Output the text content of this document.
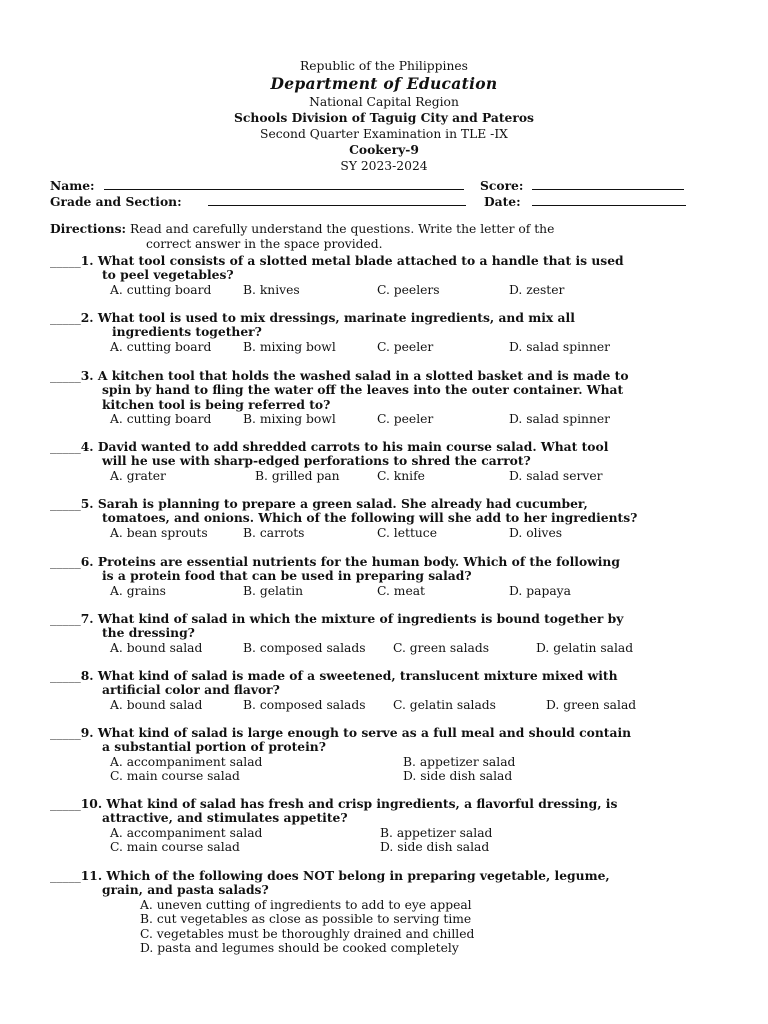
Republic of the Philippines
Department of Education
National Capital Region
Schools Division of Taguig City and Pateros
Second Quarter Examination in TLE -IX
Cookery-9
SY 2023-2024
Name:	Score:
Grade and Section:	Date:
Directions: Read and carefully understand the questions. Write the letter of the
correct answer in the space provided.
_____1. What tool consists of a slotted metal blade attached to a handle that is used
to peel vegetables?
A. cutting board	B. knives	C. peelers	D. zester
_____2. What tool is used to mix dressings, marinate ingredients, and mix all
ingredients together?
A. cutting board	B. mixing bowl	C. peeler	D. salad spinner
_____3. A kitchen tool that holds the washed salad in a slotted basket and is made to
spin by hand to fling the water off the leaves into the outer container. What
kitchen tool is being referred to?
A. cutting board	B. mixing bowl	C. peeler	D. salad spinner
_____4. David wanted to add shredded carrots to his main course salad. What tool
will he use with sharp-edged perforations to shred the carrot?
A. grater	B. grilled pan	C. knife	D. salad server
_____5. Sarah is planning to prepare a green salad. She already had cucumber,
tomatoes, and onions. Which of the following will she add to her ingredients?
A. bean sprouts	B. carrots	C. lettuce	D. olives
_____6. Proteins are essential nutrients for the human body. Which of the following
is a protein food that can be used in preparing salad?
A. grains	B. gelatin	C. meat	D. papaya
_____7. What kind of salad in which the mixture of ingredients is bound together by
the dressing?
A. bound salad	B. composed salads C. green salads	D. gelatin salad
_____8. What kind of salad is made of a sweetened, translucent mixture mixed with
artificial color and flavor?
A. bound salad	B. composed salads C. gelatin salads	D. green salad
_____9. What kind of salad is large enough to serve as a full meal and should contain
a substantial portion of protein?
A. accompaniment salad	B. appetizer salad
C. main course salad	D. side dish salad
_____10. What kind of salad has fresh and crisp ingredients, a flavorful dressing, is
attractive, and stimulates appetite?
A. accompaniment salad	B. appetizer salad
C. main course salad	D. side dish salad
_____11. Which of the following does NOT belong in preparing vegetable, legume,
grain, and pasta salads?
A. uneven cutting of ingredients to add to eye appeal
B. cut vegetables as close as possible to serving time
C. vegetables must be thoroughly drained and chilled
D. pasta and legumes should be cooked completely
